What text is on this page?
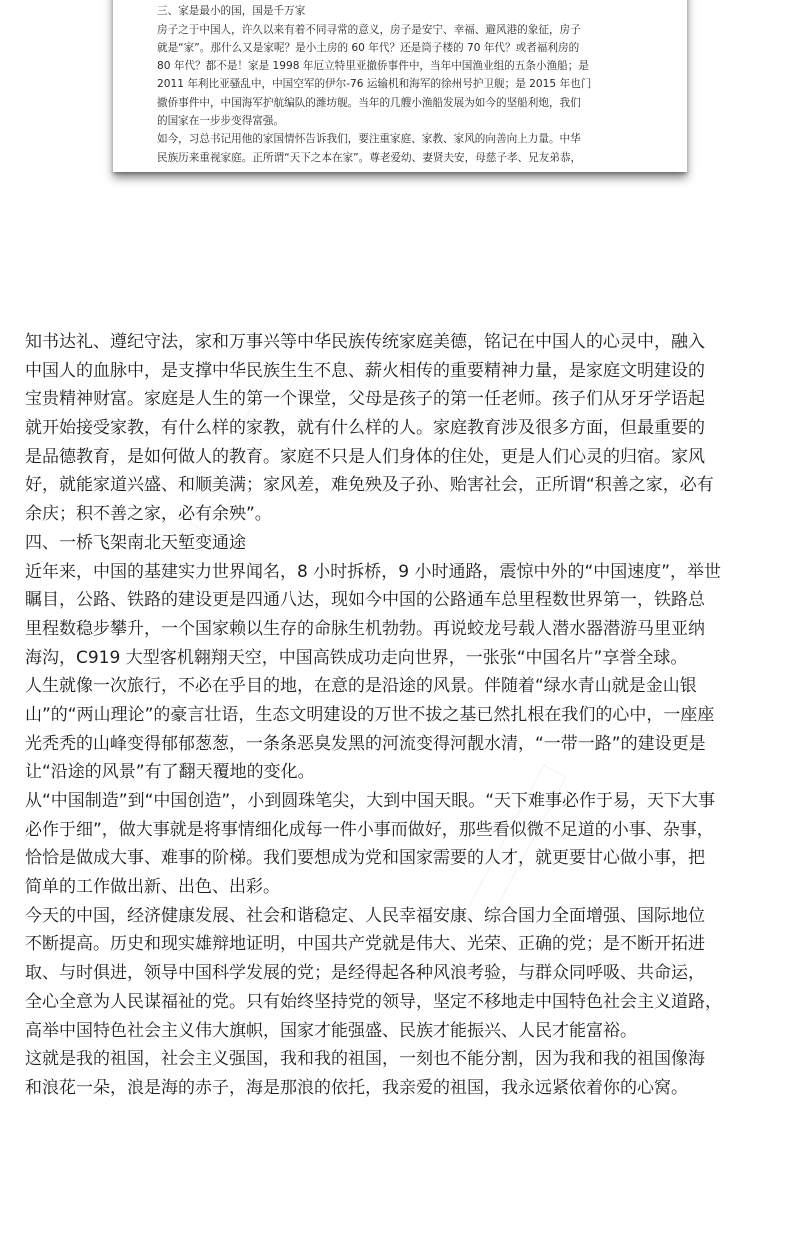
三、家是最小的国，国是千万家

房子之于中国人，许久以来有着不同寻常的意义，房子是安宁、幸福、避风港的象征，房子

就是“家”。那什么又是家呢？是小土房的 60 年代？还是筒子楼的 70 年代？或者福利房的

80 年代？都不是！家是 1998 年厄立特里亚撤侨事件中，当年中国渔业组的五条小渔船；是

2011 年利比亚骚乱中，中国空军的伊尔-76 运输机和海军的徐州号护卫舰；是 2015 年也门

撤侨事件中，中国海军护航编队的潍坊舰。当年的几艘小渔船发展为如今的坚船利炮，我们

的国家在一步步变得富强。

如今，习总书记用他的家国情怀告诉我们，要注重家庭、家教、家风的向善向上力量。中华

民族历来重视家庭。正所谓“天下之本在家”。尊老爱幼、妻贤夫安，母慈子孝、兄友弟恭，

知书达礼、遵纪守法，家和万事兴等中华民族传统家庭美德，铭记在中国人的心灵中，融入
中国人的血脉中，是支撑中华民族生生不息、薪火相传的重要精神力量，是家庭文明建设的
宝贵精神财富。家庭是人生的第一个课堂，父母是孩子的第一任老师。孩子们从牙牙学语起
就开始接受家教，有什么样的家教，就有什么样的人。家庭教育涉及很多方面，但最重要的
是品德教育，是如何做人的教育。家庭不只是人们身体的住处，更是人们心灵的归宿。家风
好，就能家道兴盛、和顺美满；家风差，难免殃及子孙、贻害社会，正所谓“积善之家，必有
余庆；积不善之家，必有余殃”。
四、一桥飞架南北天堑变通途
近年来，中国的基建实力世界闻名，8 小时拆桥，9 小时通路，震惊中外的“中国速度”，举世
瞩目，公路、铁路的建设更是四通八达，现如今中国的公路通车总里程数世界第一，铁路总
里程数稳步攀升，一个国家赖以生存的命脉生机勃勃。再说蛟龙号载人潜水器潜游马里亚纳
海沟，C919 大型客机翱翔天空，中国高铁成功走向世界，一张张“中国名片”享誉全球。
人生就像一次旅行，不必在乎目的地，在意的是沿途的风景。伴随着“绿水青山就是金山银
山”的“两山理论”的豪言壮语，生态文明建设的万世不拔之基已然扎根在我们的心中，一座座
光秃秃的山峰变得郁郁葱葱，一条条恶臭发黑的河流变得河靓水清，“一带一路”的建设更是
让“沿途的风景”有了翻天覆地的变化。
从“中国制造”到“中国创造”，小到圆珠笔尖，大到中国天眼。“天下难事必作于易，天下大事
必作于细”，做大事就是将事情细化成每一件小事而做好，那些看似微不足道的小事、杂事，
恰恰是做成大事、难事的阶梯。我们要想成为党和国家需要的人才，就更要甘心做小事，把
简单的工作做出新、出色、出彩。
今天的中国，经济健康发展、社会和谐稳定、人民幸福安康、综合国力全面增强、国际地位
不断提高。历史和现实雄辩地证明，中国共产党就是伟大、光荣、正确的党；是不断开拓进
取、与时俱进，领导中国科学发展的党；是经得起各种风浪考验，与群众同呼吸、共命运，
全心全意为人民谋福祉的党。只有始终坚持党的领导，坚定不移地走中国特色社会主义道路，
高举中国特色社会主义伟大旗帜，国家才能强盛、民族才能振兴、人民才能富裕。
这就是我的祖国，社会主义强国，我和我的祖国，一刻也不能分割，因为我和我的祖国像海
和浪花一朵，浪是海的赤子，海是那浪的依托，我亲爱的祖国，我永远紧依着你的心窝。
